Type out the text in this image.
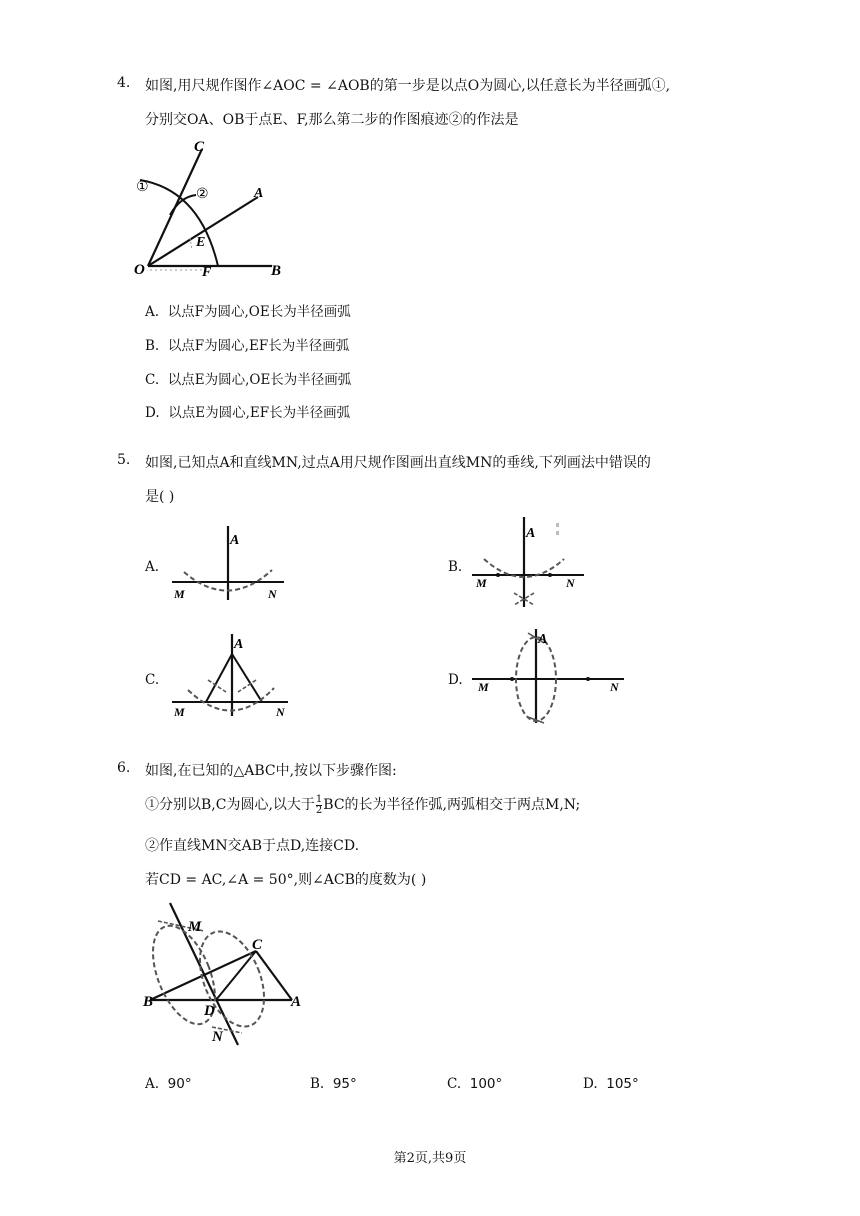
4. 如图,用尺规作图作∠AOC = ∠AOB的第一步是以点O为圆心,以任意长为半径画弧①,
分别交OA、OB于点E、F,那么第二步的作图痕迹②的作法是
C
A
E
O	F	B
①	②
A. 以点F为圆心,OE长为半径画弧
B. 以点F为圆心,EF长为半径画弧
C. 以点E为圆心,OE长为半径画弧
D. 以点E为圆心,EF长为半径画弧
5. 如图,已知点A和直线MN,过点A用尺规作图画出直线MN的垂线,下列画法中错误的
是( )
A.
A
M	N
B.
A
M	N
C.
A
M	N
D.
A
M	N
6. 如图,在已知的△ABC中,按以下步骤作图:
①分别以B,C为圆心,以大于 $\frac{1}{2}$ BC的长为半径作弧,两弧相交于两点M,N;
②作直线MN交AB于点D,连接CD.
若CD = AC,∠A = 50°,则∠ACB的度数为( )
M
C
B
D
A
N
A. 90°	B. 95°	C. 100°	D. 105°
第2页,共9页
